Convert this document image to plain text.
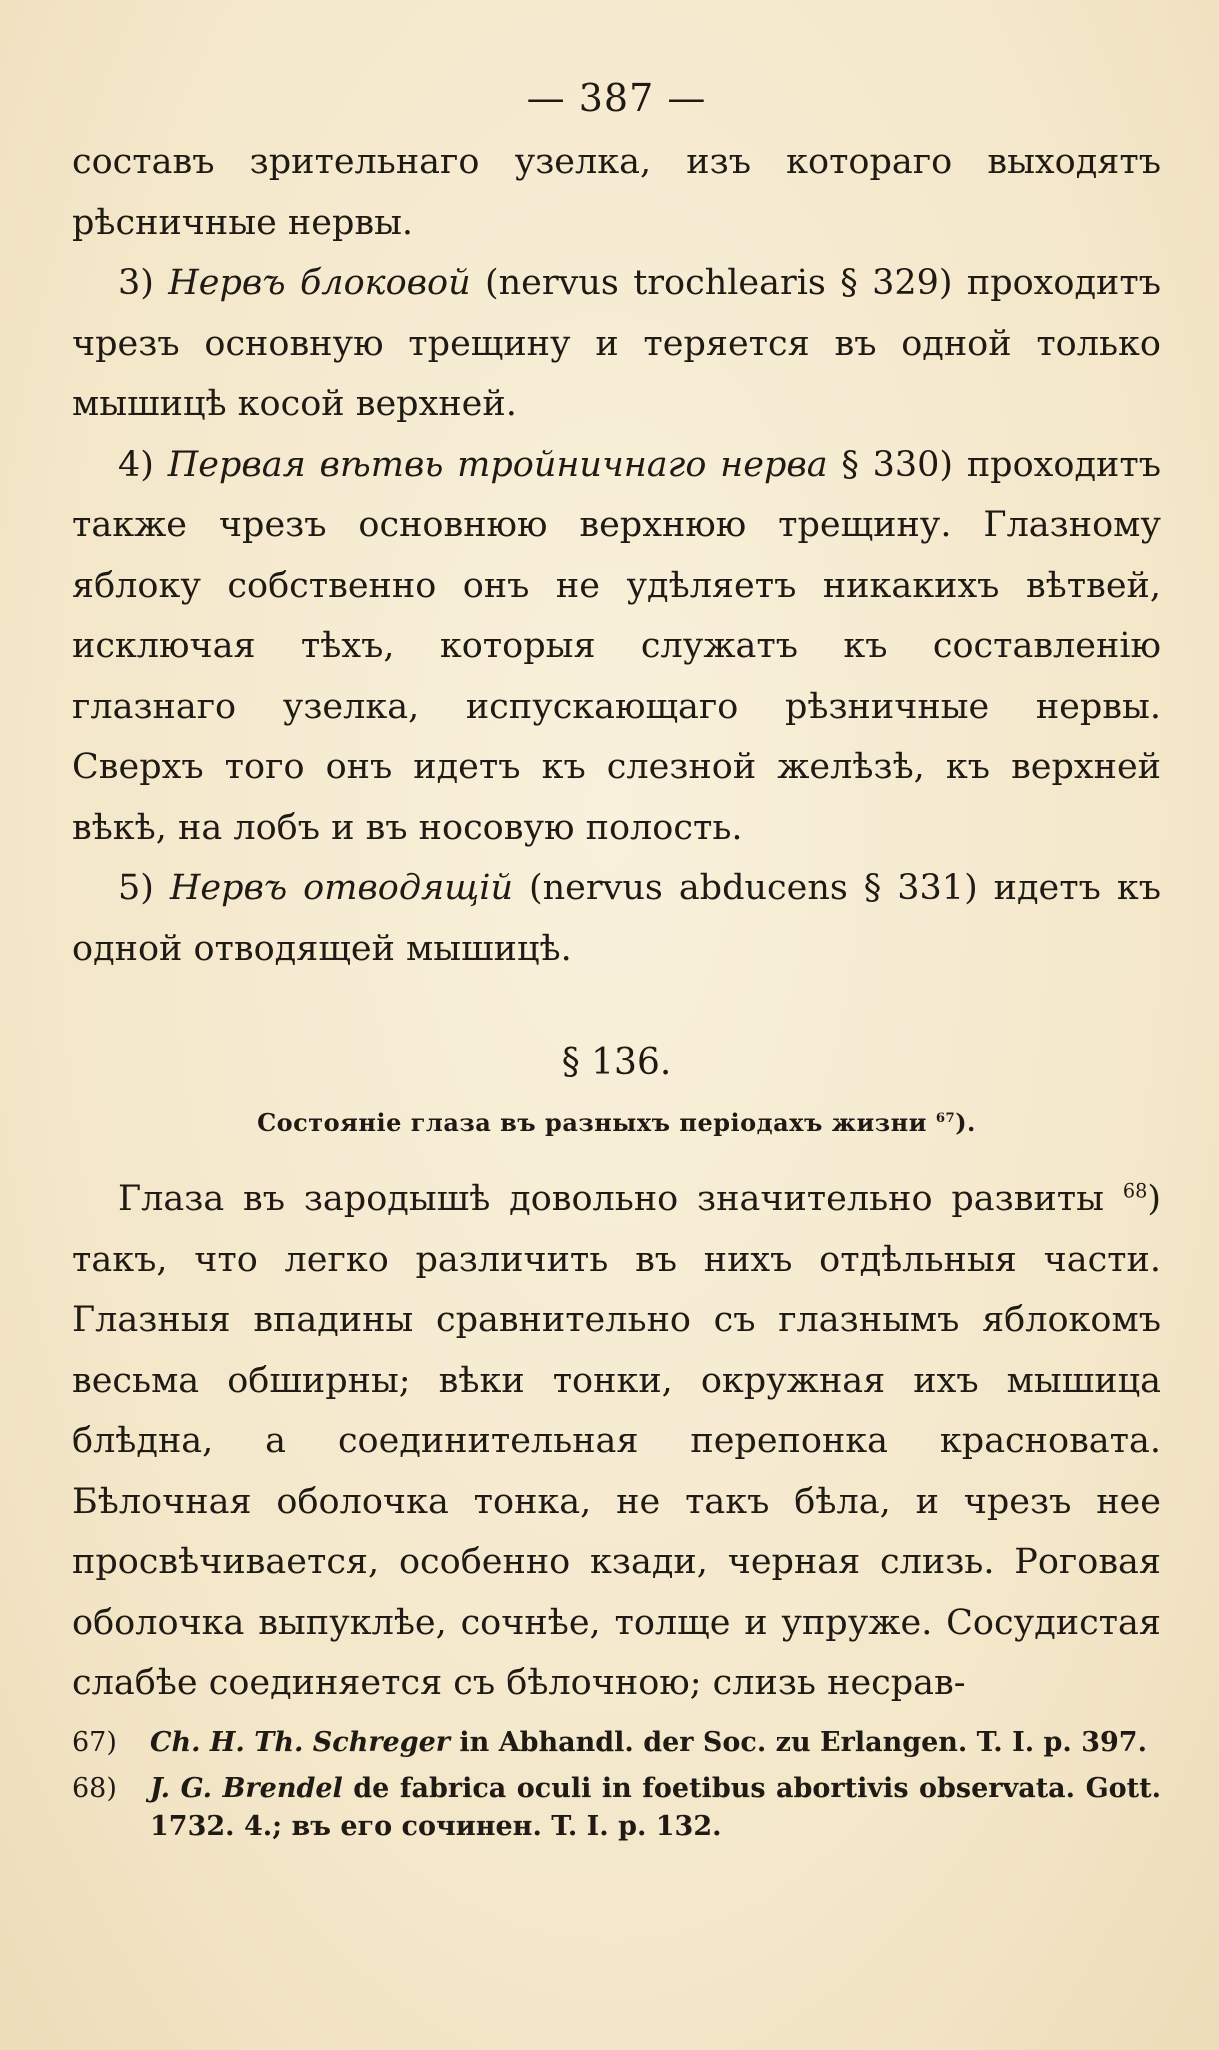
— 387 —

составъ зрительнаго узелка, изъ котораго выходятъ рѣсничные нервы.

3) Нервъ блоковой (nervus trochlearis § 329) проходитъ чрезъ основную трещину и теряется въ одной только мышицѣ косой верхней.

4) Первая вѣтвь тройничнаго нерва § 330) проходитъ также чрезъ основнюю верхнюю трещину. Глазному яблоку собственно онъ не удѣляетъ никакихъ вѣтвей, исключая тѣхъ, которыя служатъ къ составленію глазнаго узелка, испускающаго рѣзничные нервы. Сверхъ того онъ идетъ къ слезной желѣзѣ, къ верхней вѣкѣ, на лобъ и въ носовую полость.

5) Нервъ отводящій (nervus abducens § 331) идетъ къ одной отводящей мышицѣ.

§ 136.
Состояніе глаза въ разныхъ періодахъ жизни $^{67}$).

Глаза въ зародышѣ довольно значительно развиты $^{68}$) такъ, что легко различить въ нихъ отдѣльныя части. Глазныя впадины сравнительно съ глазнымъ яблокомъ весьма обширны; вѣки тонки, окружная ихъ мышица блѣдна, а соединительная перепонка красновата. Бѣлочная оболочка тонка, не такъ бѣла, и чрезъ нее просвѣчивается, особенно кзади, черная слизь. Роговая оболочка выпуклѣе, сочнѣе, толще и упруже. Сосудистая слабѣе соединяется съ бѣлочною; слизь несрав-

67)	Ch. H. Th. Schreger in Abhandl. der Soc. zu Erlangen. T. I. p. 397.
68)	J. G. Brendel de fabrica oculi in foetibus abortivis observata. Gott. 1732. 4.; въ его сочинен. T. I. p. 132.
